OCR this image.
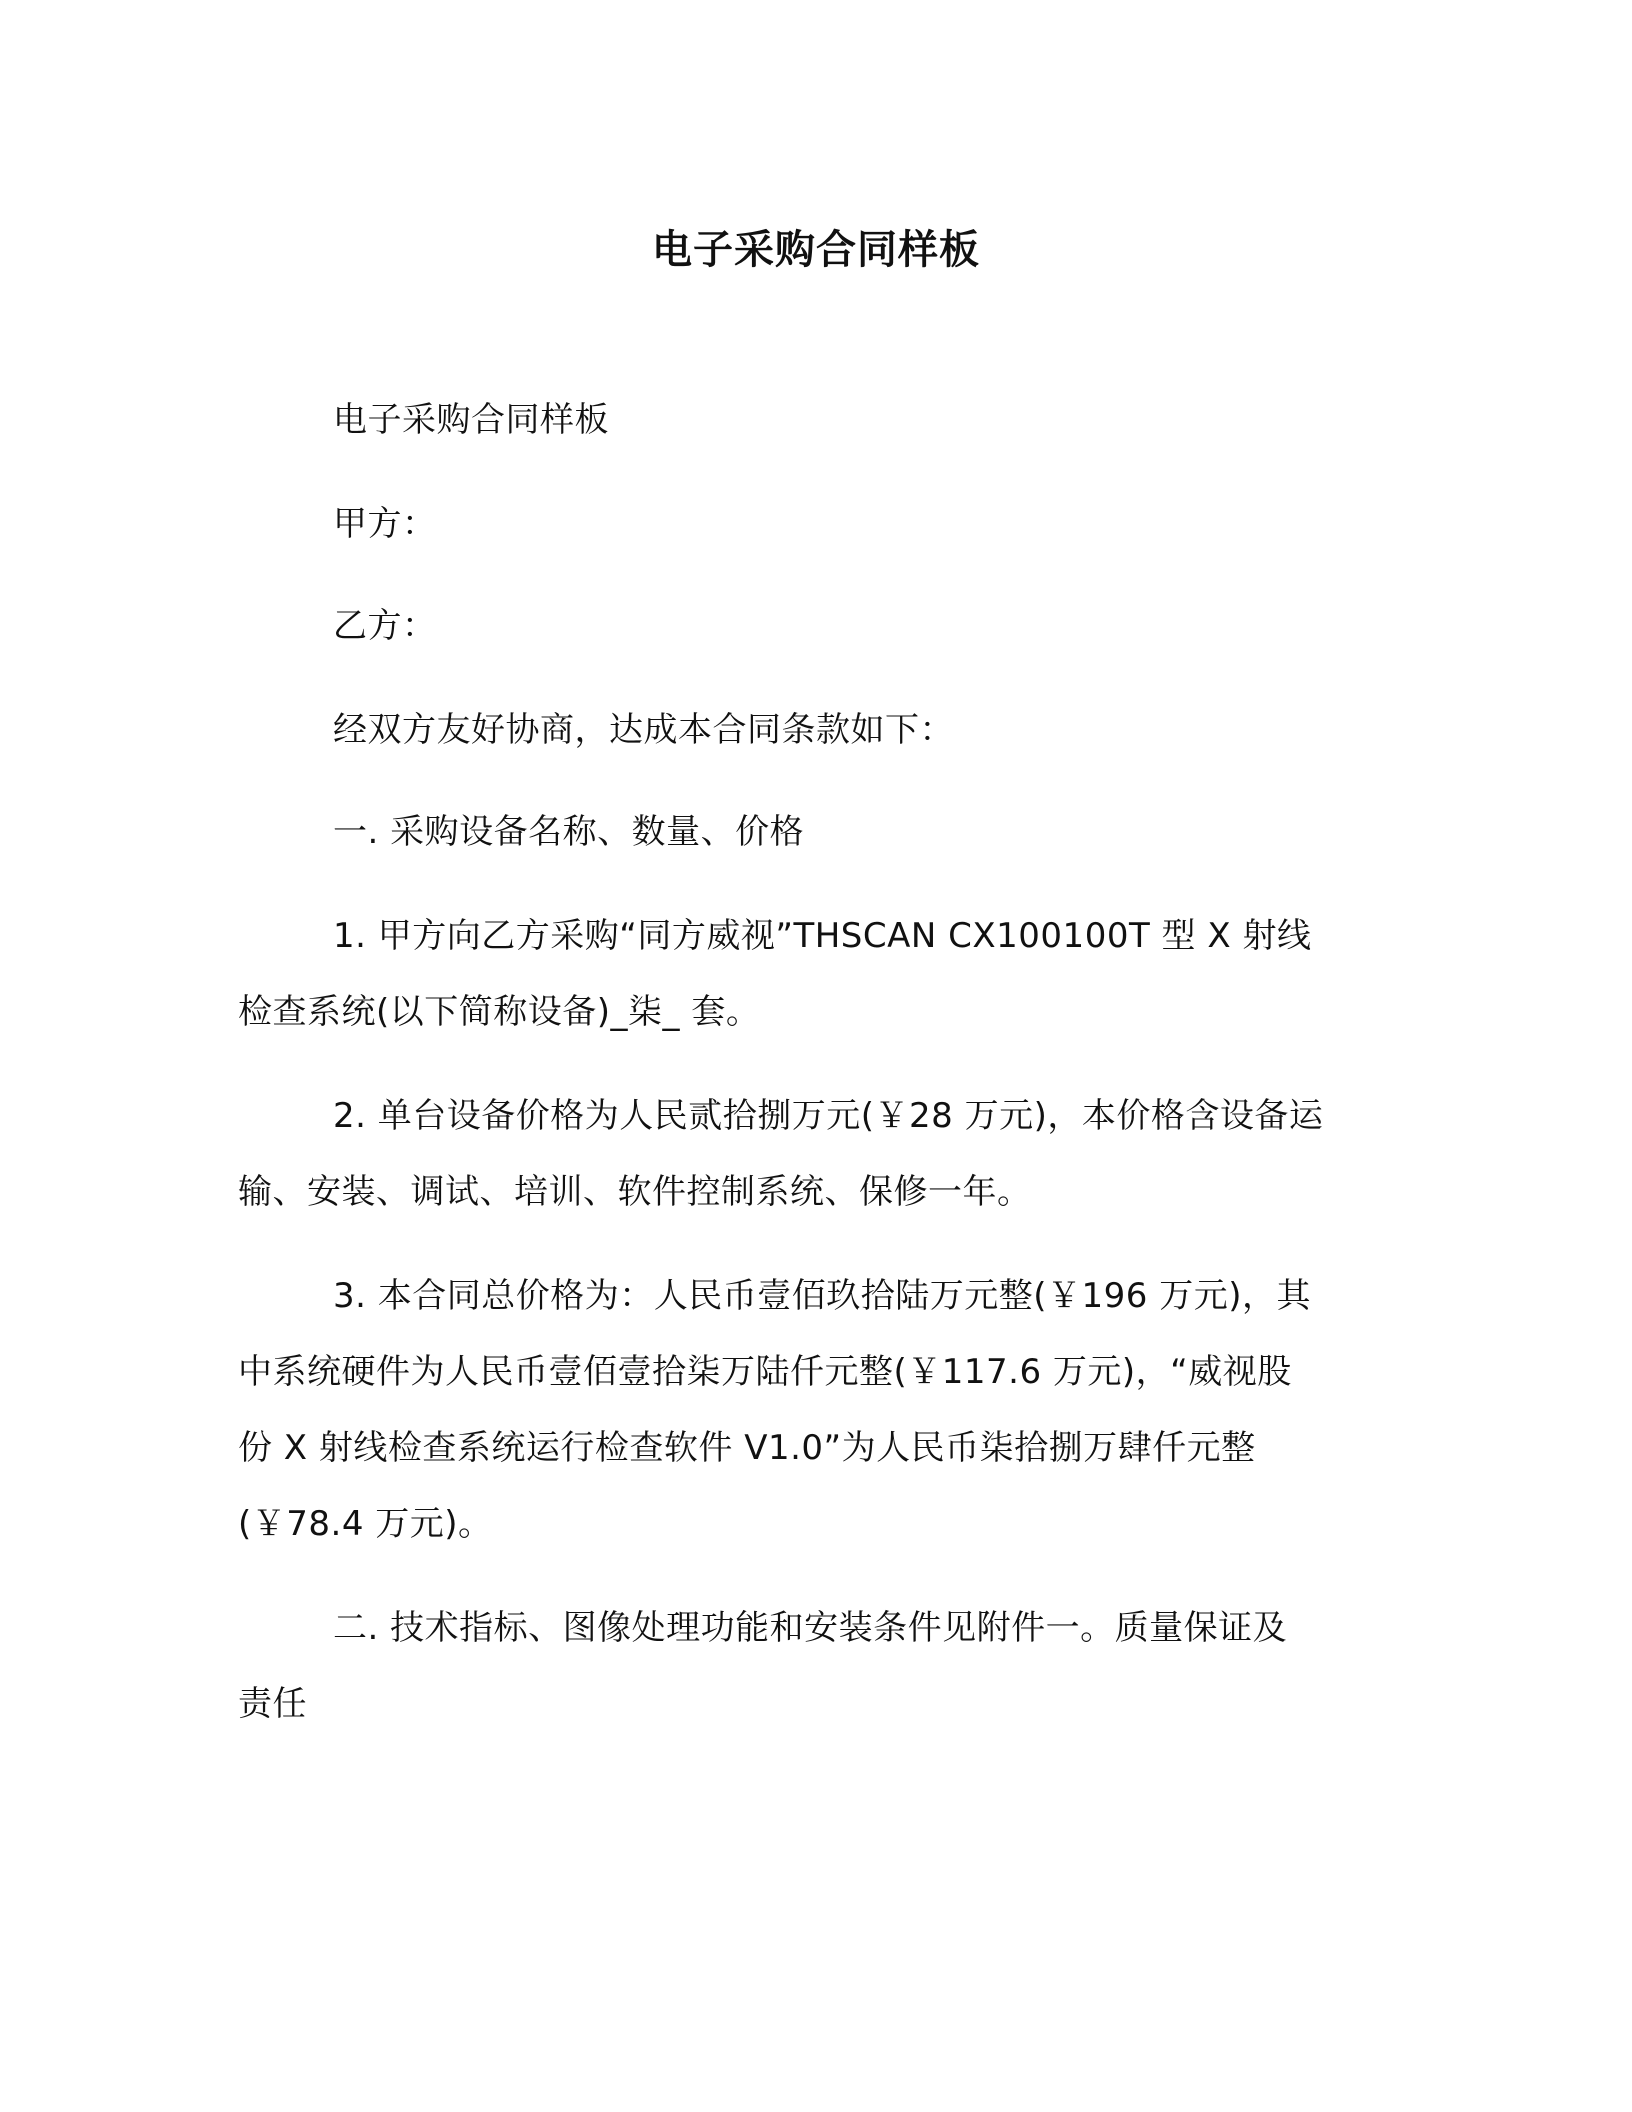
电子采购合同样板
电子采购合同样板
甲方：
乙方：
经双方友好协商，达成本合同条款如下：
一. 采购设备名称、数量、价格
1. 甲方向乙方采购“同方威视”THSCAN CX100100T 型 X 射线
检查系统(以下简称设备)_柒_ 套。
2. 单台设备价格为人民贰拾捌万元(￥28 万元)，本价格含设备运
输、安装、调试、培训、软件控制系统、保修一年。
3. 本合同总价格为：人民币壹佰玖拾陆万元整(￥196 万元)，其
中系统硬件为人民币壹佰壹拾柒万陆仟元整(￥117.6 万元)，“威视股
份 X 射线检查系统运行检查软件 V1.0”为人民币柒拾捌万肆仟元整
(￥78.4 万元)。
二. 技术指标、图像处理功能和安装条件见附件一。质量保证及
责任
